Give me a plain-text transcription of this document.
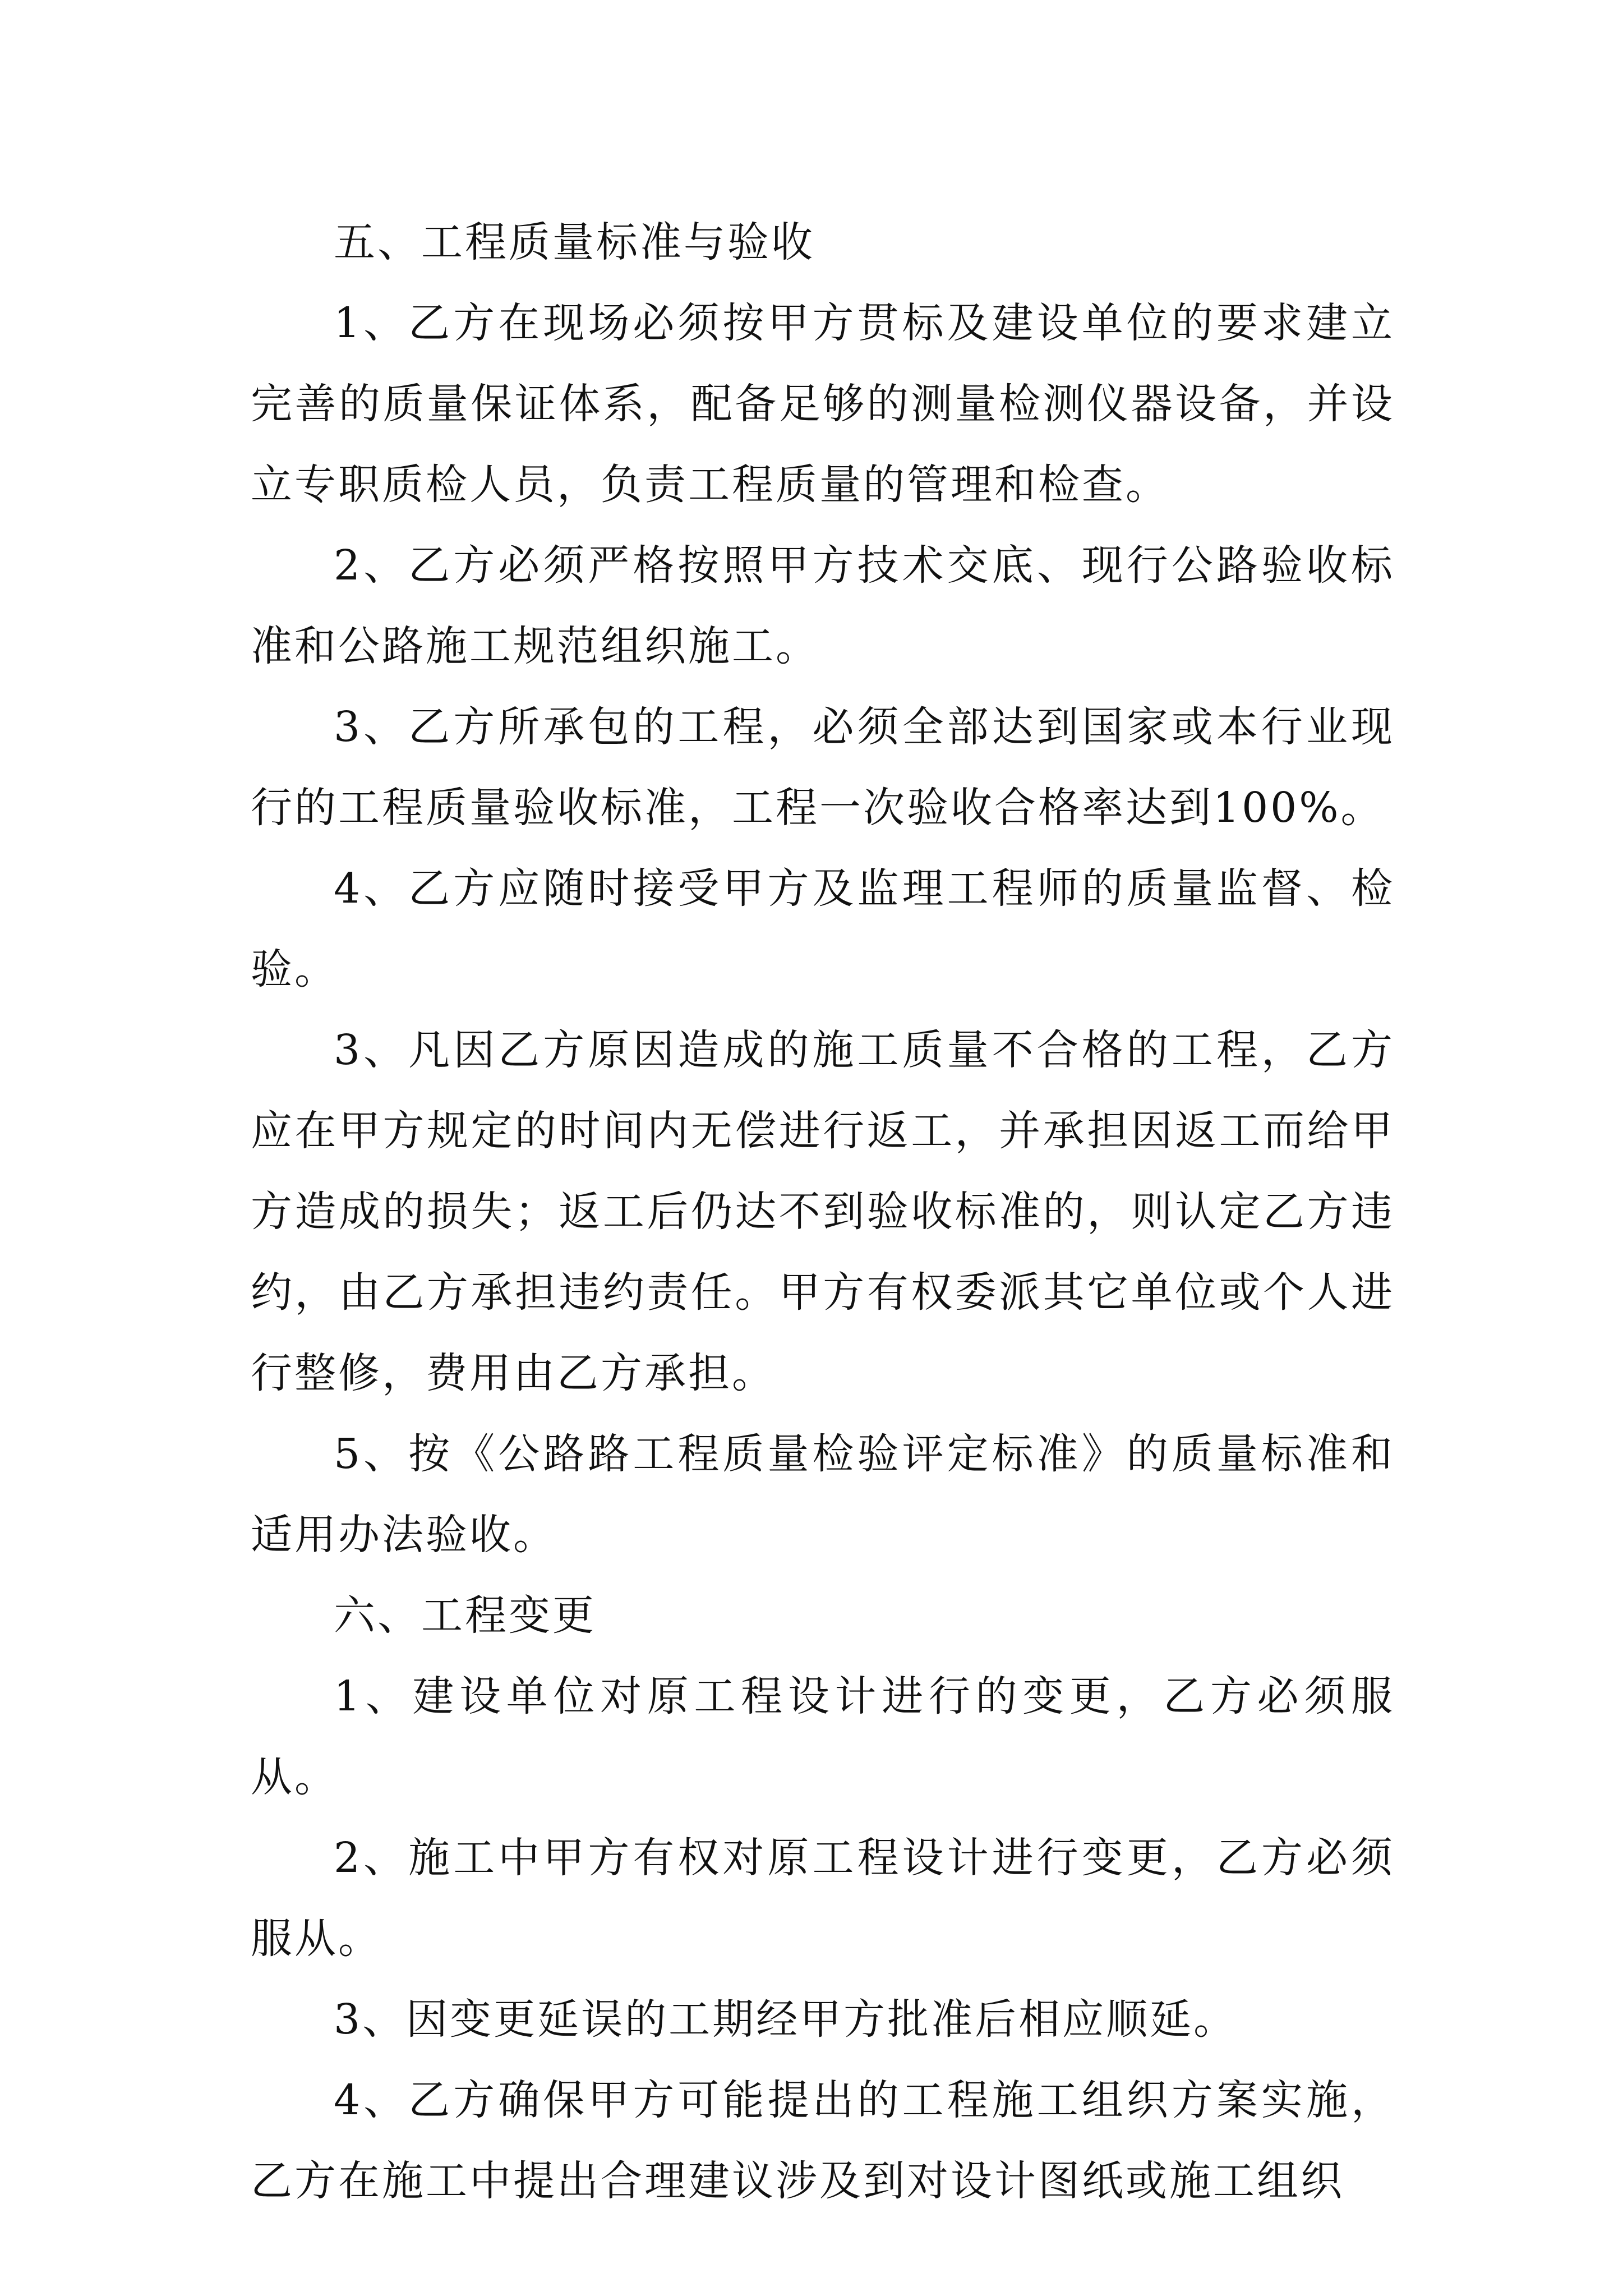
五、工程质量标准与验收

1、乙方在现场必须按甲方贯标及建设单位的要求建立完善的质量保证体系，配备足够的测量检测仪器设备，并设立专职质检人员，负责工程质量的管理和检查。

2、乙方必须严格按照甲方技术交底、现行公路验收标准和公路施工规范组织施工。

3、乙方所承包的工程，必须全部达到国家或本行业现行的工程质量验收标准，工程一次验收合格率达到100%。

4、乙方应随时接受甲方及监理工程师的质量监督、检验。

3、凡因乙方原因造成的施工质量不合格的工程，乙方应在甲方规定的时间内无偿进行返工，并承担因返工而给甲方造成的损失；返工后仍达不到验收标准的，则认定乙方违约，由乙方承担违约责任。甲方有权委派其它单位或个人进行整修，费用由乙方承担。

5、按《公路路工程质量检验评定标准》的质量标准和适用办法验收。

六、工程变更

1、建设单位对原工程设计进行的变更，乙方必须服从。

2、施工中甲方有权对原工程设计进行变更，乙方必须服从。

3、因变更延误的工期经甲方批准后相应顺延。

4、乙方确保甲方可能提出的工程施工组织方案实施，乙方在施工中提出合理建议涉及到对设计图纸或施工组织
